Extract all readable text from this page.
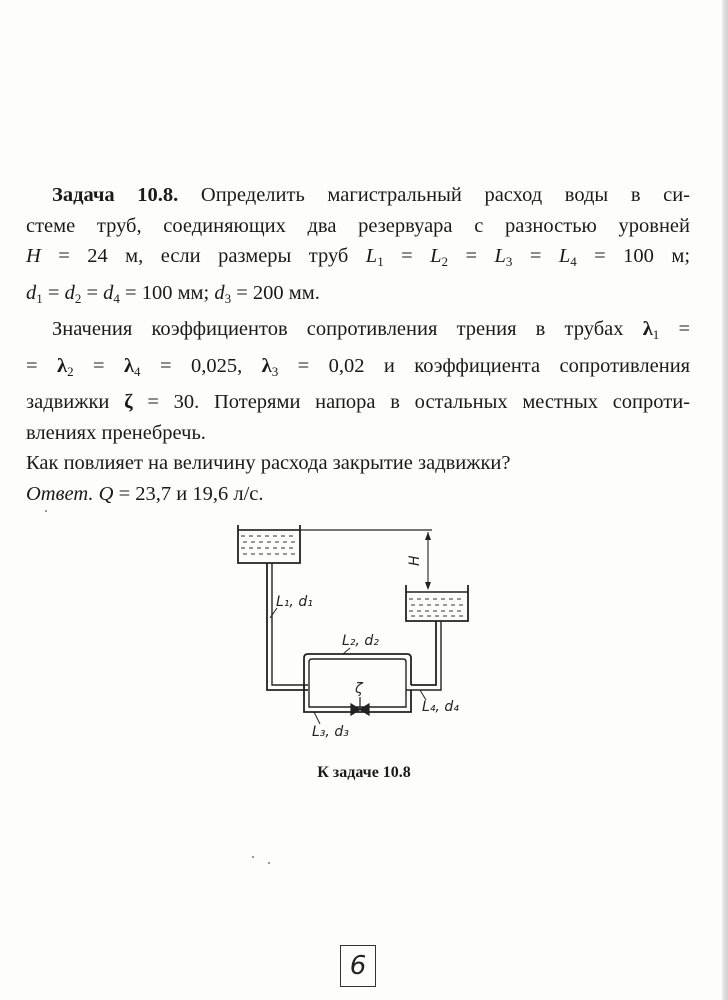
Задача 10.8. Определить магистральный расход воды в си-
стеме труб, соединяющих два резервуара с разностью уровней
H = 24 м, если размеры труб $L_1 = L_2 = L_3 = L_4 = 100$ м;
$d_1 = d_2 = d_4 = 100$ мм; $d_3 = 200$ мм.

Значения коэффициентов сопротивления трения в трубах $\lambda_1$ =
= $\lambda_2 = \lambda_4 = 0,025$, $\lambda_3 = 0,02$ и коэффициента сопротивления
задвижки ζ = 30. Потерями напора в остальных местных сопроти-
влениях пренебречь.

Как повлияет на величину расхода закрытие задвижки?

Ответ. Q = 23,7 и 19,6 л/с.

H
L₁, d₁
L₂, d₂
ζ
L₄, d₄
L₃, d₃
К задаче 10.8
6
